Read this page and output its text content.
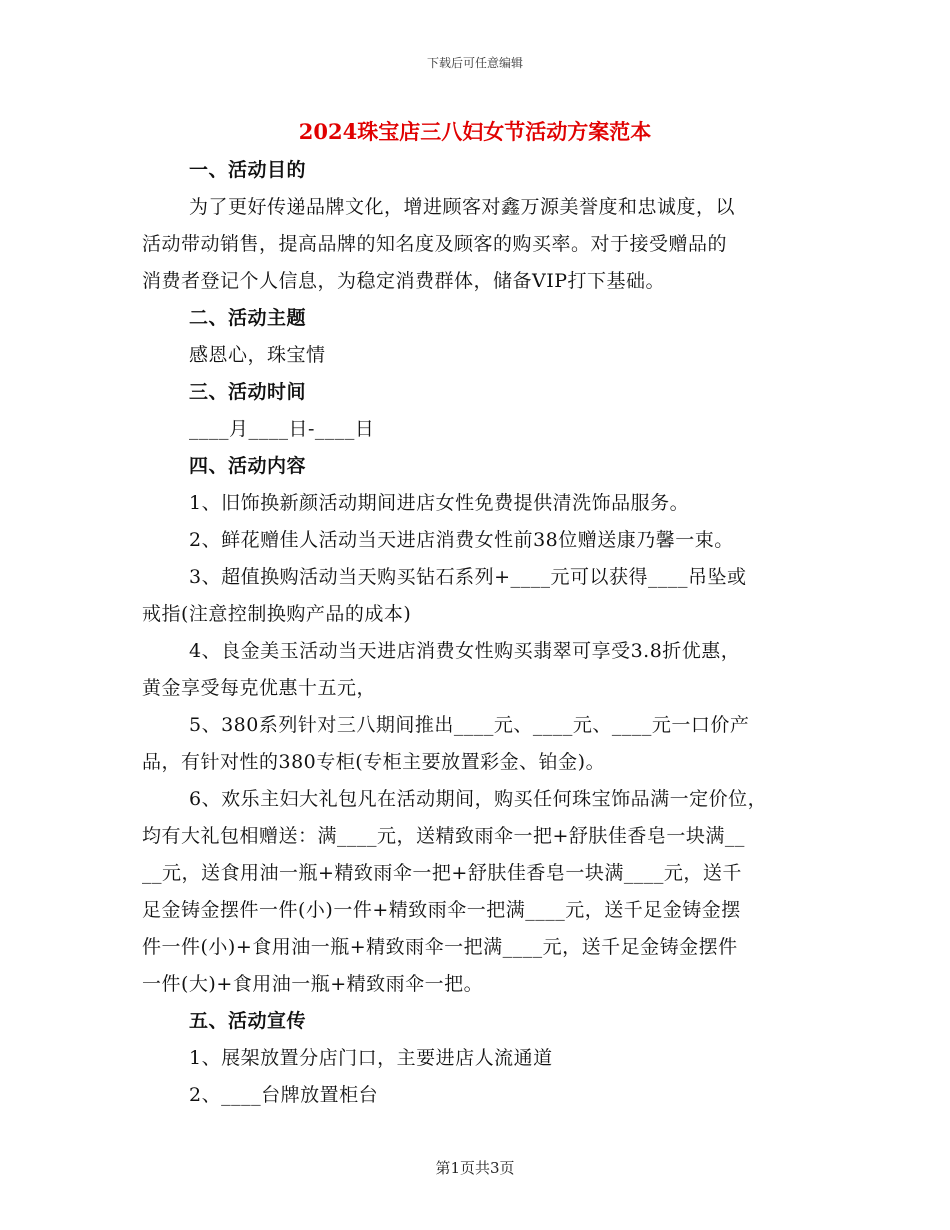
下载后可任意编辑
2024珠宝店三八妇女节活动方案范本
一、活动目的
为了更好传递品牌文化，增进顾客对鑫万源美誉度和忠诚度，以
活动带动销售，提高品牌的知名度及顾客的购买率。对于接受赠品的
消费者登记个人信息，为稳定消费群体，储备VIP打下基础。
二、活动主题
感恩心，珠宝情
三、活动时间
____月____日-____日
四、活动内容
1、旧饰换新颜活动期间进店女性免费提供清洗饰品服务。
2、鲜花赠佳人活动当天进店消费女性前38位赠送康乃馨一束。
3、超值换购活动当天购买钻石系列+____元可以获得____吊坠或
戒指(注意控制换购产品的成本)
4、良金美玉活动当天进店消费女性购买翡翠可享受3.8折优惠，
黄金享受每克优惠十五元，
5、380系列针对三八期间推出____元、____元、____元一口价产
品，有针对性的380专柜(专柜主要放置彩金、铂金)。
6、欢乐主妇大礼包凡在活动期间，购买任何珠宝饰品满一定价位，
均有大礼包相赠送：满____元，送精致雨伞一把+舒肤佳香皂一块满__
__元，送食用油一瓶+精致雨伞一把+舒肤佳香皂一块满____元，送千
足金铸金摆件一件(小)一件+精致雨伞一把满____元，送千足金铸金摆
件一件(小)+食用油一瓶+精致雨伞一把满____元，送千足金铸金摆件
一件(大)+食用油一瓶+精致雨伞一把。
五、活动宣传
1、展架放置分店门口，主要进店人流通道
2、____台牌放置柜台
第1页共3页
